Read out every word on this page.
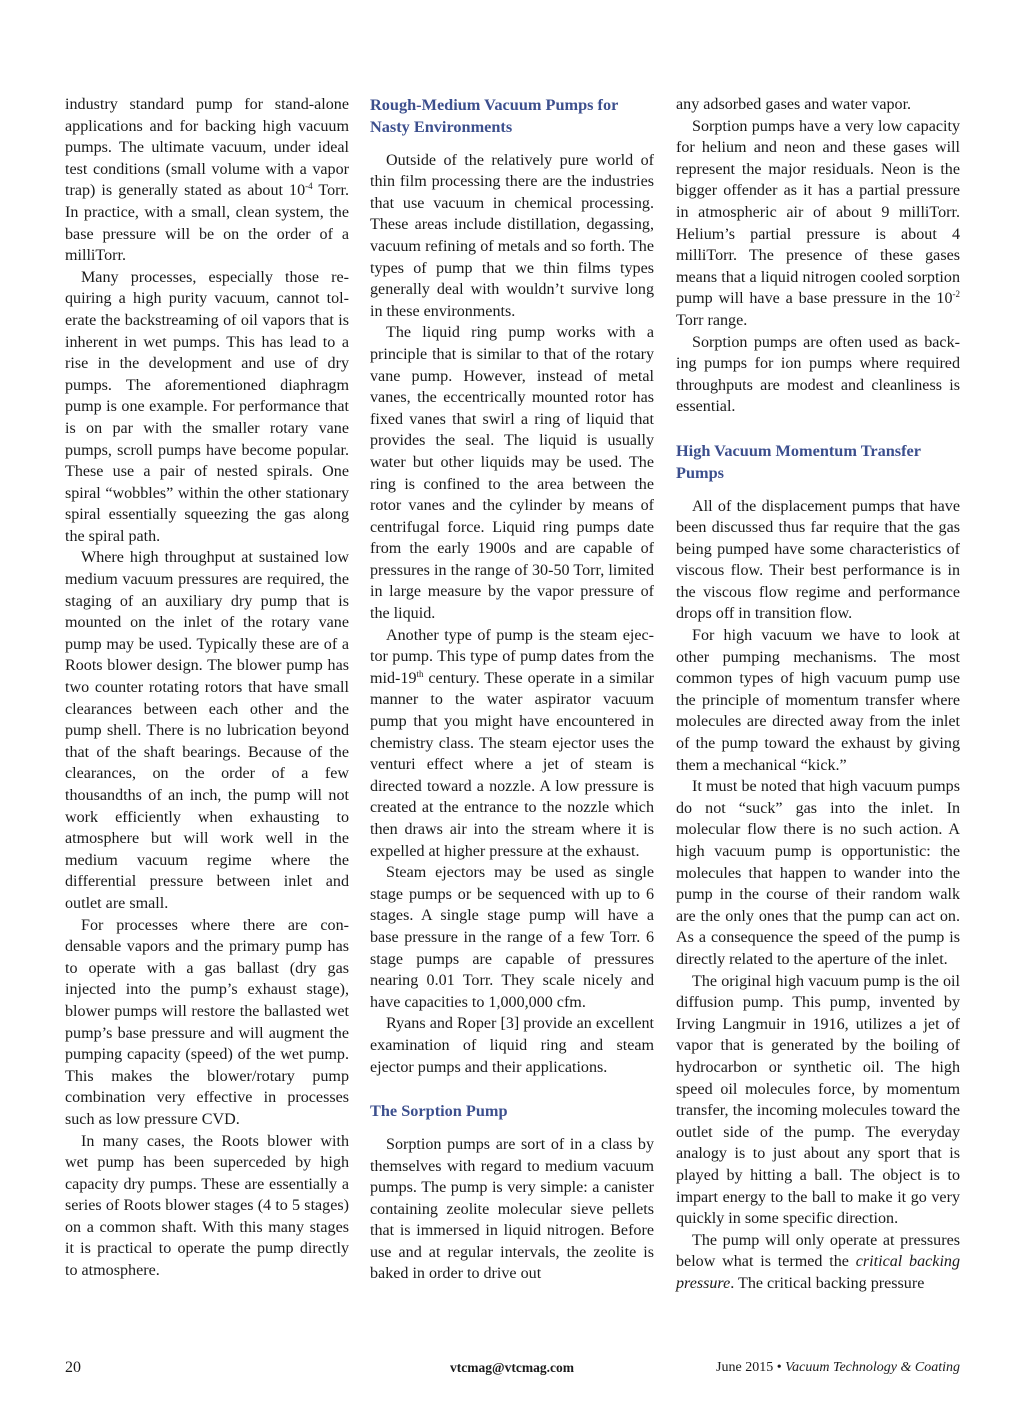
industry standard pump for stand-alone applications and for backing high vacuum pumps. The ultimate vacuum, under ideal test conditions (small volume with a vapor trap) is generally stated as about $10^{-4}$ Torr. In practice, with a small, clean system, the base pressure will be on the order of a milliTorr.

Many processes, especially those requiring a high purity vacuum, cannot tolerate the backstreaming of oil vapors that is inherent in wet pumps. This has lead to a rise in the development and use of dry pumps. The aforementioned diaphragm pump is one example. For performance that is on par with the smaller rotary vane pumps, scroll pumps have become popular. These use a pair of nested spirals. One spiral “wobbles” within the other stationary spiral essentially squeezing the gas along the spiral path.

Where high throughput at sustained low medium vacuum pressures are required, the staging of an auxiliary dry pump that is mounted on the inlet of the rotary vane pump may be used. Typically these are of a Roots blower design. The blower pump has two counter rotating rotors that have small clearances between each other and the pump shell. There is no lubrication beyond that of the shaft bearings. Because of the clearances, on the order of a few thousandths of an inch, the pump will not work efficiently when exhausting to atmosphere but will work well in the medium vacuum regime where the differential pressure between inlet and outlet are small.

For processes where there are condensable vapors and the primary pump has to operate with a gas ballast (dry gas injected into the pump’s exhaust stage), blower pumps will restore the ballasted wet pump’s base pressure and will augment the pumping capacity (speed) of the wet pump. This makes the blower/rotary pump combination very effective in processes such as low pressure CVD.

In many cases, the Roots blower with wet pump has been superceded by high capacity dry pumps. These are essentially a series of Roots blower stages (4 to 5 stages) on a common shaft. With this many stages it is practical to operate the pump directly to atmosphere.

Rough-Medium Vacuum Pumps for Nasty Environments

Outside of the relatively pure world of thin film processing there are the industries that use vacuum in chemical processing. These areas include distillation, degassing, vacuum refining of metals and so forth. The types of pump that we thin films types generally deal with wouldn’t survive long in these environments.

The liquid ring pump works with a principle that is similar to that of the rotary vane pump. However, instead of metal vanes, the eccentrically mounted rotor has fixed vanes that swirl a ring of liquid that provides the seal. The liquid is usually water but other liquids may be used. The ring is confined to the area between the rotor vanes and the cylinder by means of centrifugal force. Liquid ring pumps date from the early 1900s and are capable of pressures in the range of 30-50 Torr, limited in large measure by the vapor pressure of the liquid.

Another type of pump is the steam ejector pump. This type of pump dates from the mid-19th century. These operate in a similar manner to the water aspirator vacuum pump that you might have encountered in chemistry class. The steam ejector uses the venturi effect where a jet of steam is directed toward a nozzle. A low pressure is created at the entrance to the nozzle which then draws air into the stream where it is expelled at higher pressure at the exhaust.

Steam ejectors may be used as single stage pumps or be sequenced with up to 6 stages. A single stage pump will have a base pressure in the range of a few Torr. 6 stage pumps are capable of pressures nearing 0.01 Torr. They scale nicely and have capacities to 1,000,000 cfm.

Ryans and Roper [3] provide an excellent examination of liquid ring and steam ejector pumps and their applications.

The Sorption Pump

Sorption pumps are sort of in a class by themselves with regard to medium vacuum pumps. The pump is very simple: a canister containing zeolite molecular sieve pellets that is immersed in liquid nitrogen. Before use and at regular intervals, the zeolite is baked in order to drive out

any adsorbed gases and water vapor.

Sorption pumps have a very low capacity for helium and neon and these gases will represent the major residuals. Neon is the bigger offender as it has a partial pressure in atmospheric air of about 9 milliTorr. Helium’s partial pressure is about 4 milliTorr. The presence of these gases means that a liquid nitrogen cooled sorption pump will have a base pressure in the $10^{-2}$ Torr range.

Sorption pumps are often used as backing pumps for ion pumps where required throughputs are modest and cleanliness is essential.

High Vacuum Momentum Transfer Pumps

All of the displacement pumps that have been discussed thus far require that the gas being pumped have some characteristics of viscous flow. Their best performance is in the viscous flow regime and performance drops off in transition flow.

For high vacuum we have to look at other pumping mechanisms. The most common types of high vacuum pump use the principle of momentum transfer where molecules are directed away from the inlet of the pump toward the exhaust by giving them a mechanical “kick.”

It must be noted that high vacuum pumps do not “suck” gas into the inlet. In molecular flow there is no such action. A high vacuum pump is opportunistic: the molecules that happen to wander into the pump in the course of their random walk are the only ones that the pump can act on. As a consequence the speed of the pump is directly related to the aperture of the inlet.

The original high vacuum pump is the oil diffusion pump. This pump, invented by Irving Langmuir in 1916, utilizes a jet of vapor that is generated by the boiling of hydrocarbon or synthetic oil. The high speed oil molecules force, by momentum transfer, the incoming molecules toward the outlet side of the pump. The everyday analogy is to just about any sport that is played by hitting a ball. The object is to impart energy to the ball to make it go very quickly in some specific direction.

The pump will only operate at pressures below what is termed the critical backing pressure. The critical backing pressure

20	vtcmag@vtcmag.com	June 2015 • Vacuum Technology & Coating
